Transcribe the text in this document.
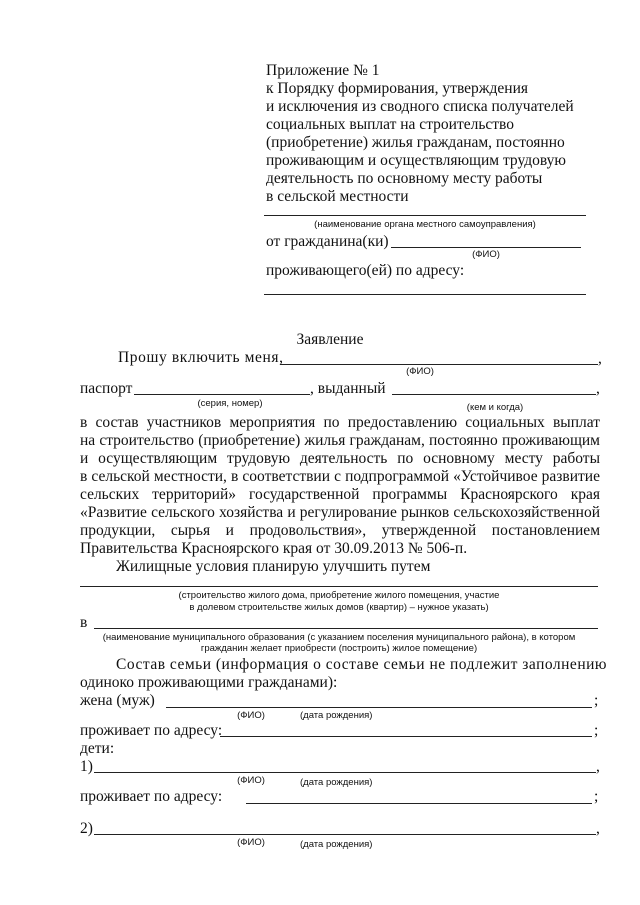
Приложение № 1
к Порядку формирования, утверждения
и исключения из сводного списка получателей
социальных выплат на строительство
(приобретение) жилья гражданам, постоянно
проживающим и осуществляющим трудовую
деятельность по основному месту работы
в сельской местности
(наименование органа местного самоуправления)
от гражданина(ки)
(ФИО)
проживающего(ей) по адресу:
Заявление
Прошу включить меня,	,
(ФИО)
паспорт	, выданный	,
(серия, номер)	(кем и когда)
в состав участников мероприятия по предоставлению социальных выплат
на строительство (приобретение) жилья гражданам, постоянно проживающим
и осуществляющим трудовую деятельность по основному месту работы
в сельской местности, в соответствии с подпрограммой «Устойчивое развитие
сельских территорий» государственной программы Красноярского края
«Развитие сельского хозяйства и регулирование рынков сельскохозяйственной
продукции, сырья и продовольствия», утвержденной постановлением
Правительства Красноярского края от 30.09.2013 № 506-п.
Жилищные условия планирую улучшить путем
(строительство жилого дома, приобретение жилого помещения, участие
в долевом строительстве жилых домов (квартир) – нужное указать)
в
(наименование муниципального образования (с указанием поселения муниципального района), в котором
гражданин желает приобрести (построить) жилое помещение)
Состав семьи (информация о составе семьи не подлежит заполнению
одиноко проживающими гражданами):
жена (муж)	;
(ФИО)	(дата рождения)
проживает по адресу:	;
дети:
1)	,
(ФИО)	(дата рождения)
проживает по адресу:	;
2)	,
(ФИО)	(дата рождения)
